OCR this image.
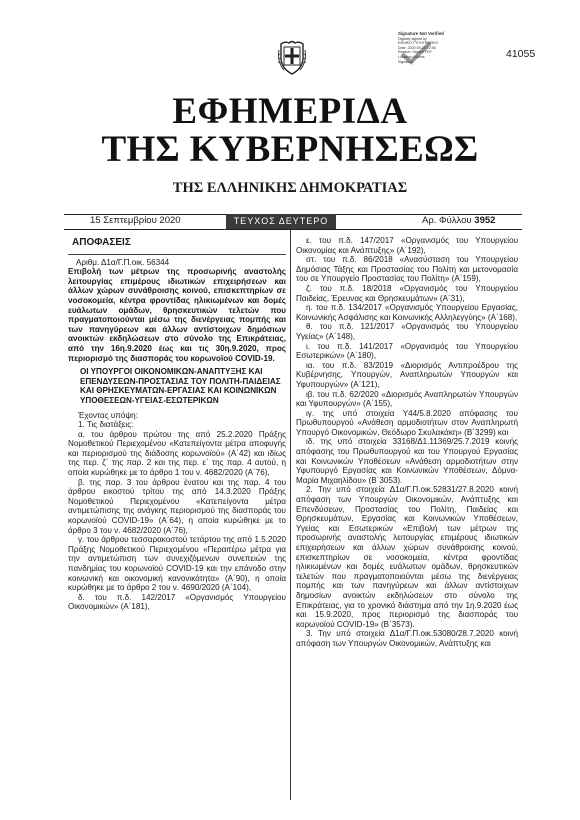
Signature Not Verified
Digitally signed by
ΕΘΝΙΚΟ ΤΥΠΟΓΡΑΦΕΙΟ
Date: 2020.09.15 12:56
Reason: Signed PDF
Location: Athens
Signature
41055
ΕΦΗΜΕΡΙΔΑ
ΤΗΣ ΚΥΒΕΡΝΗΣΕΩΣ
ΤΗΣ ΕΛΛΗΝΙΚΗΣ ΔΗΜΟΚΡΑΤΙΑΣ
15 Σεπτεμβρίου 2020	ΤΕΥΧΟΣ ΔΕΥΤΕΡΟ	Αρ. Φύλλου 3952
ΑΠΟΦΑΣΕΙΣ
Αριθμ. Δ1α/Γ.Π.οικ. 56344
Επιβολή των μέτρων της προσωρινής αναστολής λειτουργίας επιμέρους ιδιωτικών επιχειρήσεων και άλλων χώρων συνάθροισης κοινού, επισκεπτηρίων σε νοσοκομεία, κέντρα φροντίδας ηλικιωμένων και δομές ευάλωτων ομάδων, θρησκευτικών τελετών που πραγματοποιούνται μέσω της διενέργειας πομπής και των πανηγύρεων και άλλων αντίστοιχων δημόσιων ανοικτών εκδηλώσεων στο σύνολο της Επικράτειας, από την 16η.9.2020 έως και τις 30η.9.2020, προς περιορισμό της διασποράς του κορωνοϊού COVID-19.
ΟΙ ΥΠΟΥΡΓΟΙ ΟΙΚΟΝΟΜΙΚΩΝ-ΑΝΑΠΤΥΞΗΣ ΚΑΙ ΕΠΕΝΔΥΣΕΩΝ-ΠΡΟΣΤΑΣΙΑΣ ΤΟΥ ΠΟΛΙΤΗ-ΠΑΙΔΕΙΑΣ ΚΑΙ ΘΡΗΣΚΕΥΜΑΤΩΝ-ΕΡΓΑΣΙΑΣ ΚΑΙ ΚΟΙΝΩΝΙΚΩΝ ΥΠΟΘΕΣΕΩΝ-ΥΓΕΙΑΣ-ΕΣΩΤΕΡΙΚΩΝ
Έχοντας υπόψη:
1. Τις διατάξεις:
α. του άρθρου πρώτου της από 25.2.2020 Πράξης Νομοθετικού Περιεχομένου «Κατεπείγοντα μέτρα αποφυγής και περιορισμού της διάδοσης κορωνοϊού» (Α΄42) και ιδίως της περ. ζ΄ της παρ. 2 και της περ. ε΄ της παρ. 4 αυτού, η οποία κυρώθηκε με το άρθρο 1 του ν. 4682/2020 (Α΄76),
β. της παρ. 3 του άρθρου ένατου και της παρ. 4 του άρθρου εικοστού τρίτου της από 14.3.2020 Πράξης Νομοθετικού Περιεχομένου «Κατεπείγοντα μέτρα αντιμετώπισης της ανάγκης περιορισμού της διασποράς του κορωνοϊού COVID-19» (Α΄64), η οποία κυρώθηκε με το άρθρο 3 του ν. 4682/2020 (Α΄76),
γ. του άρθρου τεσσαρακοστού τετάρτου της από 1.5.2020 Πράξης Νομοθετικού Περιεχομένου «Περαιτέρω μέτρα για την αντιμετώπιση των συνεχιζόμενων συνεπειών της πανδημίας του κορωνοϊού COVID-19 και την επάνοδο στην κοινωνική και οικονομική κανονικότητα» (Α΄90), η οποία κυρώθηκε με το άρθρο 2 του ν. 4690/2020 (Α΄104),
δ. του π.δ. 142/2017 «Οργανισμός Υπουργείου Οικονομικών» (Α΄181),
ε. του π.δ. 147/2017 «Οργανισμός του Υπουργείου Οικονομίας και Ανάπτυξης» (Α΄192),
στ. του π.δ. 86/2018 «Ανασύσταση του Υπουργείου Δημόσιας Τάξης και Προστασίας του Πολίτη και μετονομασία του σε Υπουργείο Προστασίας του Πολίτη» (Α΄159),
ζ. του π.δ. 18/2018 «Οργανισμός του Υπουργείου Παιδείας, Έρευνας και Θρησκευμάτων» (Α΄31),
η. του π.δ. 134/2017 «Οργανισμός Υπουργείου Εργασίας, Κοινωνικής Ασφάλισης και Κοινωνικής Αλληλεγγύης» (Α΄168),
θ. του π.δ. 121/2017 «Οργανισμός του Υπουργείου Υγείας» (Α΄148),
ι. του π.δ. 141/2017 «Οργανισμός του Υπουργείου Εσωτερικών» (Α΄180),
ια. του π.δ. 83/2019 «Διορισμός Αντιπροέδρου της Κυβέρνησης, Υπουργών, Αναπληρωτών Υπουργών και Υφυπουργών» (Α΄121),
ιβ. του π.δ. 62/2020 «Διορισμός Αναπληρωτών Υπουργών και Υφυπουργών» (Α΄155),
ιγ. της υπό στοιχεία Υ44/5.8.2020 απόφασης του Πρωθυπουργού «Ανάθεση αρμοδιοτήτων στον Αναπληρωτή Υπουργό Οικονομικών, Θεόδωρο Σκυλακάκη» (Β΄3299) και
ιδ. της υπό στοιχεία 33168/Δ1.11369/25.7.2019 κοινής απόφασης του Πρωθυπουργού και του Υπουργού Εργασίας και Κοινωνικών Υποθέσεων «Ανάθεση αρμοδιοτήτων στην Υφυπουργό Εργασίας και Κοινωνικών Υποθέσεων, Δόμνα-Μαρία Μιχαηλίδου» (Β΄3053).
2. Την υπό στοιχεία Δ1α/Γ.Π.οικ.52831/27.8.2020 κοινή απόφαση των Υπουργών Οικονομικών, Ανάπτυξης και Επενδύσεων, Προστασίας του Πολίτη, Παιδείας και Θρησκευμάτων, Εργασίας και Κοινωνικών Υποθέσεων, Υγείας και Εσωτερικών «Επιβολή των μέτρων της προσωρινής αναστολής λειτουργίας επιμέρους ιδιωτικών επιχειρήσεων και άλλων χώρων συνάθροισης κοινού, επισκεπτηρίων σε νοσοκομεία, κέντρα φροντίδας ηλικιωμένων και δομές ευάλωτων ομάδων, θρησκευτικών τελετών που πραγματοποιούνται μέσω της διενέργειας πομπής και των πανηγύρεων και άλλων αντίστοιχων δημοσίων ανοικτών εκδηλώσεων στο σύνολο της Επικράτειας, για το χρονικό διάστημα από την 1η.9.2020 έως και 15.9.2020, προς περιορισμό της διασποράς του κορωνοϊού COVID-19» (Β΄3573).
3. Την υπό στοιχεία Δ1α/Γ.Π.οικ.53080/28.7.2020 κοινή απόφαση των Υπουργών Οικονομικών, Ανάπτυξης και
